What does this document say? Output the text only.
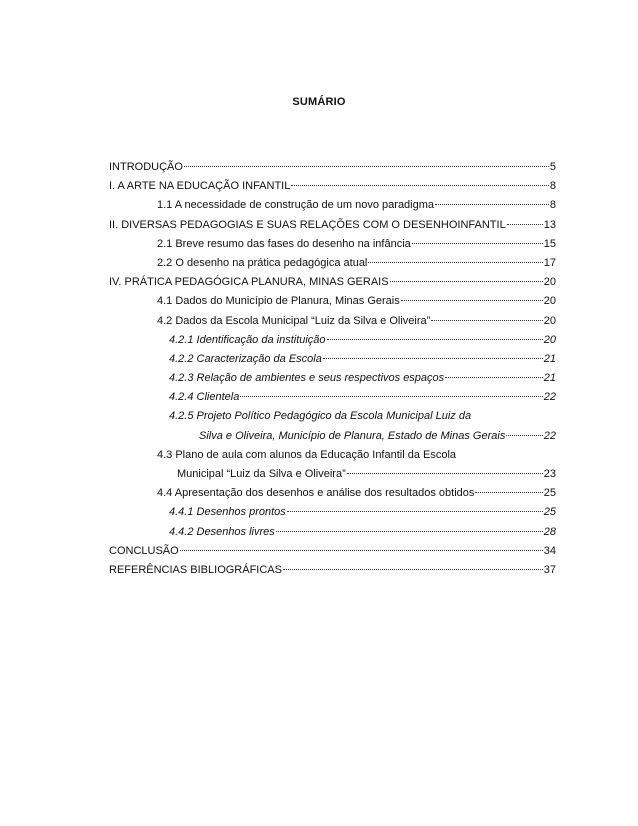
SUMÁRIO
INTRODUÇÃO	5
I. A ARTE NA EDUCAÇÃO INFANTIL	8
1.1 A necessidade de construção de um novo paradigma	8
II. DIVERSAS PEDAGOGIAS E SUAS RELAÇÕES COM O DESENHOINFANTIL	13
2.1 Breve resumo das fases do desenho na infância	15
2.2 O desenho na prática pedagógica atual	17
IV. PRÁTICA PEDAGÓGICA PLANURA, MINAS GERAIS	20
4.1 Dados do Município de Planura, Minas Gerais	20
4.2 Dados da Escola Municipal “Luiz da Silva e Oliveira”	20
4.2.1 Identificação da instituição	20
4.2.2 Caracterização da Escola	21
4.2.3 Relação de ambientes e seus respectivos espaços	21
4.2.4 Clientela	22
4.2.5 Projeto Político Pedagógico da Escola Municipal Luiz da
Silva e Oliveira, Município de Planura, Estado de Minas Gerais	22
4.3 Plano de aula com alunos da Educação Infantil da Escola
Municipal “Luiz da Silva e Oliveira”	23
4.4 Apresentação dos desenhos e análise dos resultados obtidos	25
4.4.1 Desenhos prontos	25
4.4.2 Desenhos livres	28
CONCLUSÃO	34
REFERÊNCIAS BIBLIOGRÁFICAS	37
